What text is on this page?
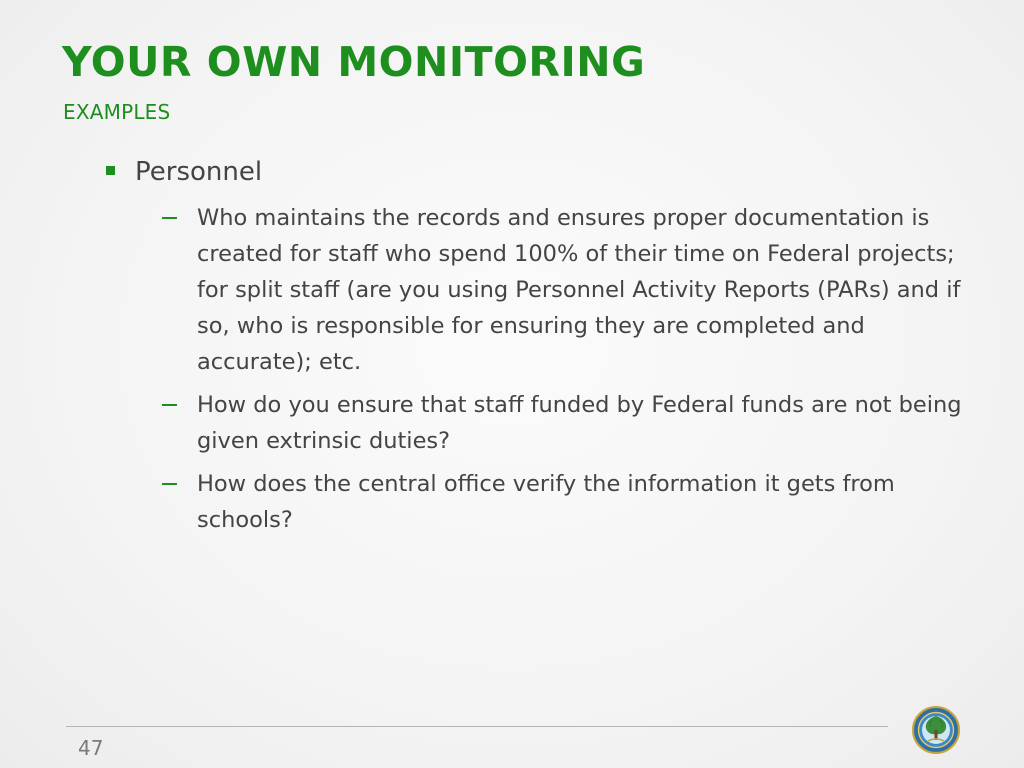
YOUR OWN MONITORING
EXAMPLES
Personnel
Who maintains the records and ensures proper documentation is created for staff who spend 100% of their time on Federal projects; for split staff (are you using Personnel Activity Reports (PARs) and if so, who is responsible for ensuring they are completed and accurate); etc.
How do you ensure that staff funded by Federal funds are not being given extrinsic duties?
How does the central office verify the information it gets from schools?
47
